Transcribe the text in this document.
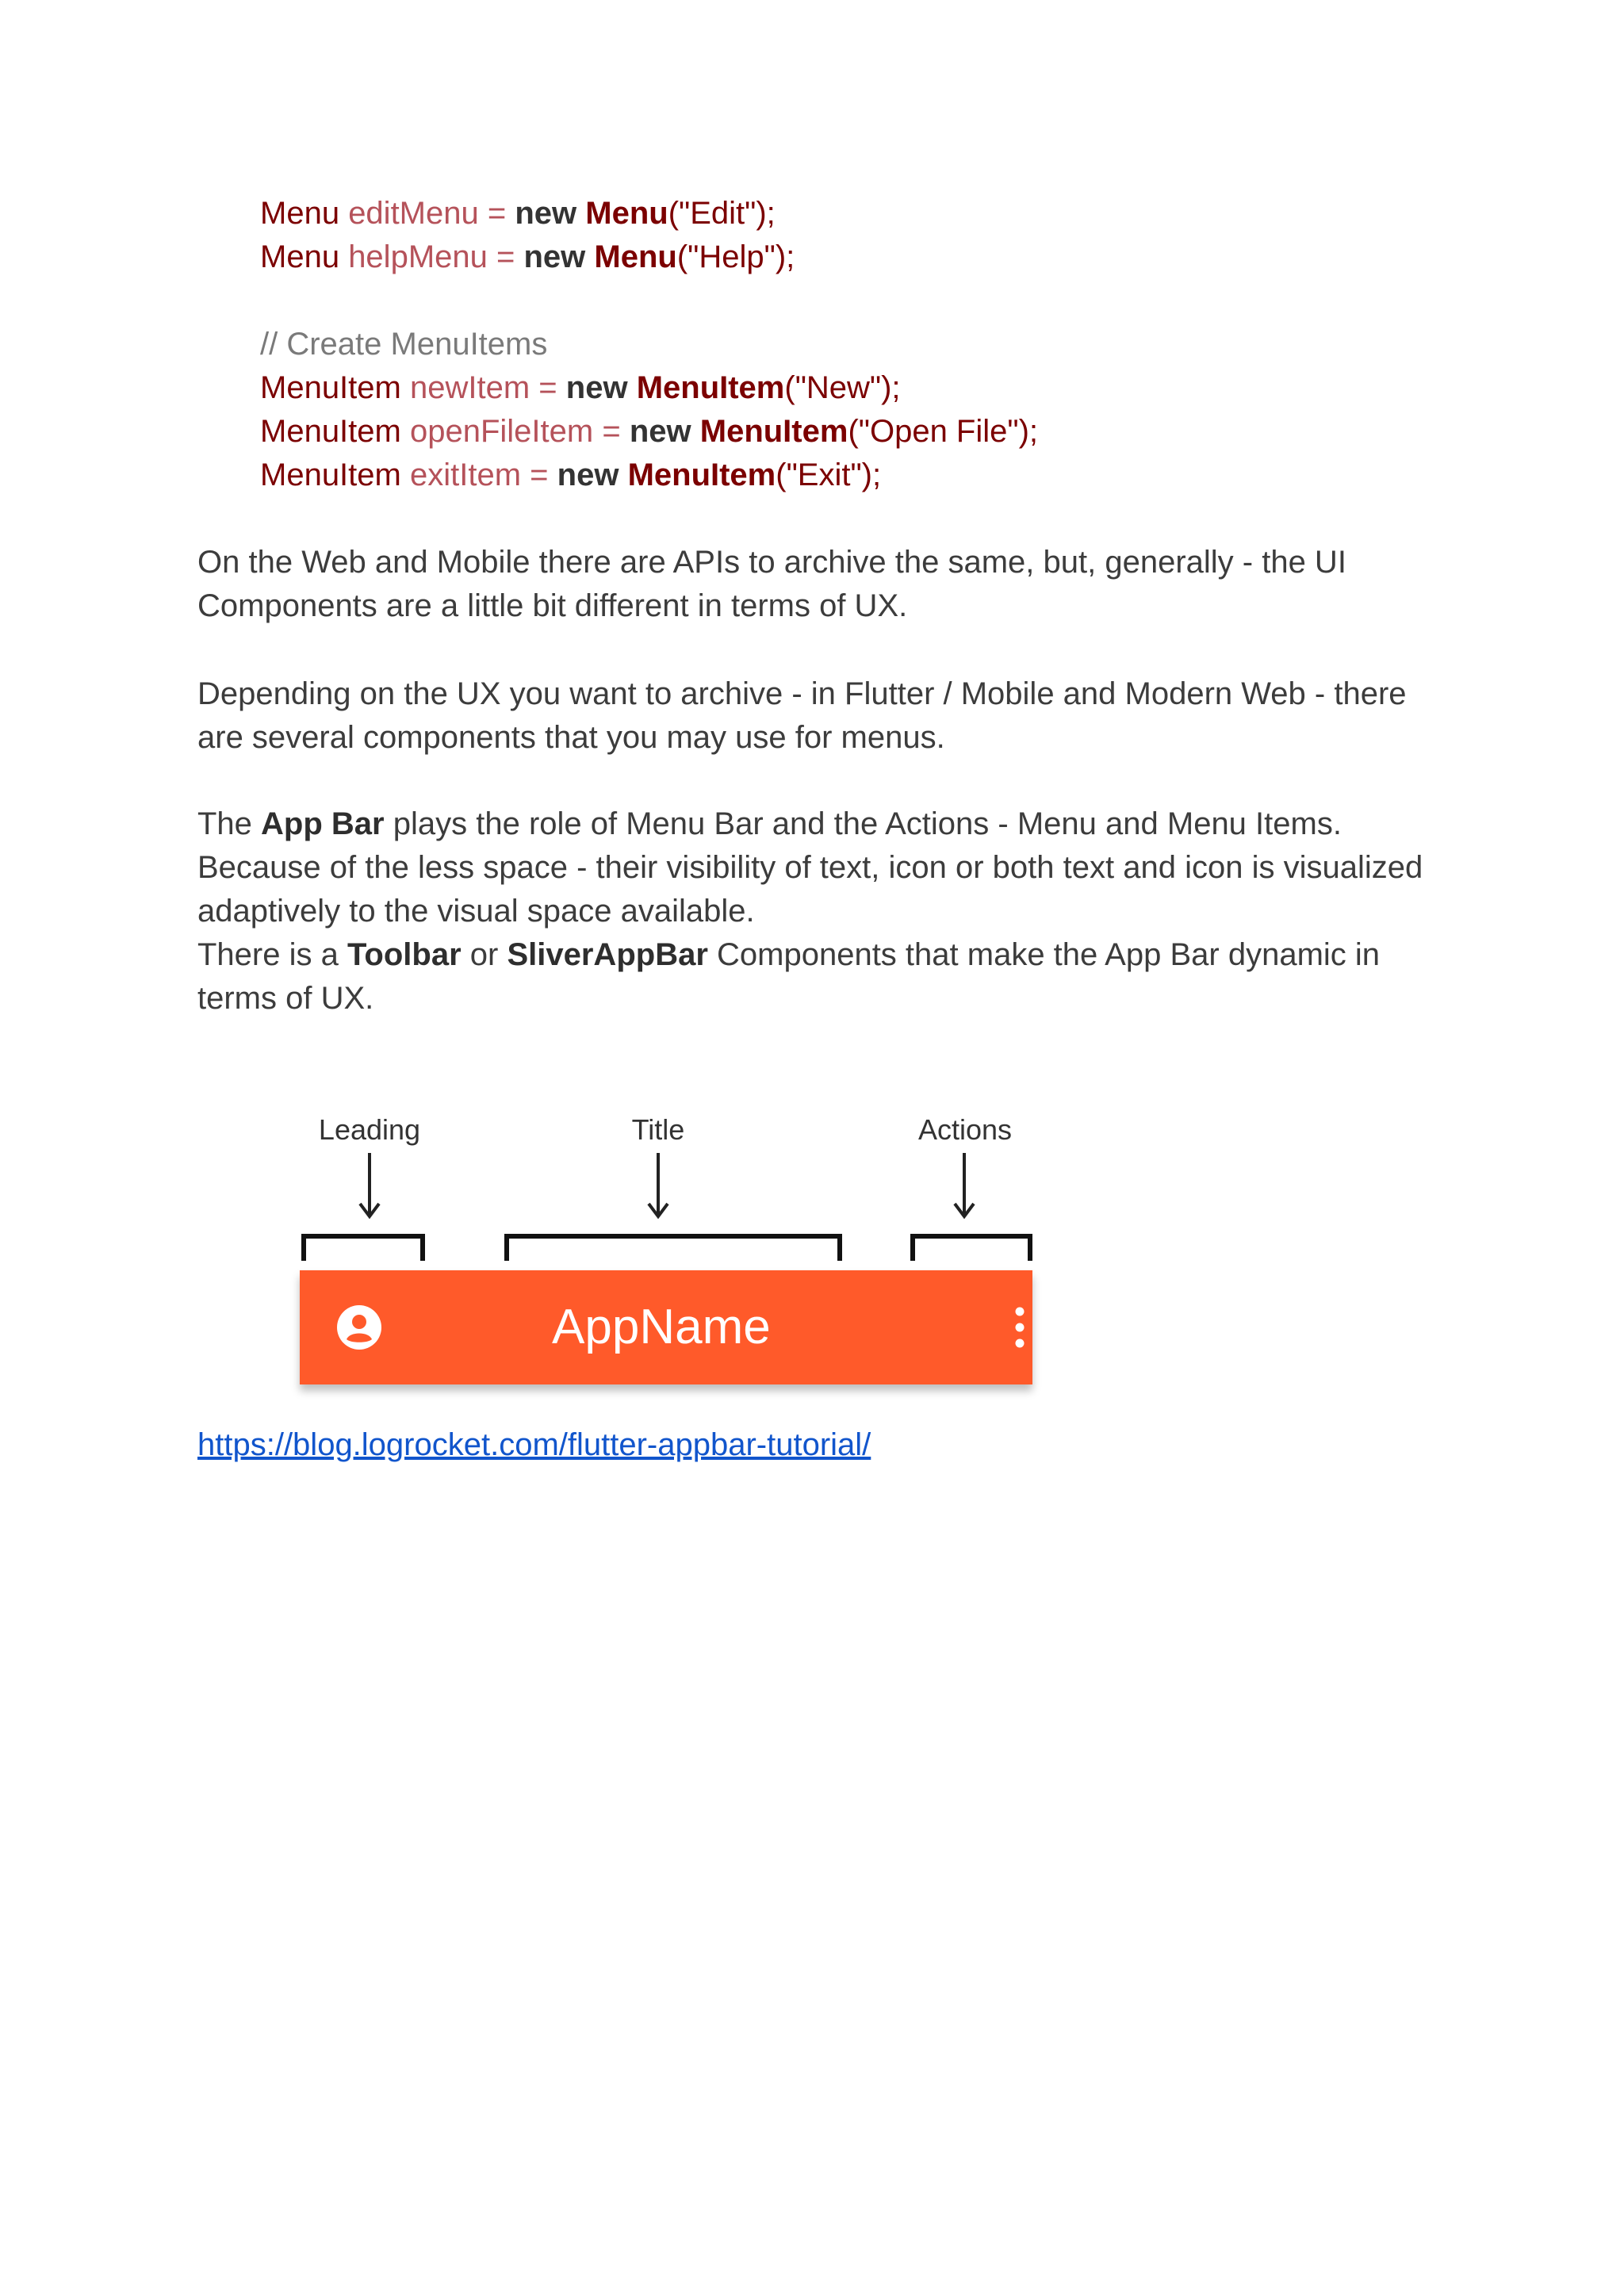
Menu editMenu = new Menu("Edit");
Menu helpMenu = new Menu("Help");
// Create MenuItems
MenuItem newItem = new MenuItem("New");
MenuItem openFileItem = new MenuItem("Open File");
MenuItem exitItem = new MenuItem("Exit");

On the Web and Mobile there are APIs to archive the same, but, generally - the UI Components are a little bit different in terms of UX.

Depending on the UX you want to archive - in Flutter / Mobile and Modern Web - there are several components that you may use for menus.

The App Bar plays the role of Menu Bar and the Actions - Menu and Menu Items.

Because of the less space - their visibility of text, icon or both text and icon is visualized adaptively to the visual space available.

There is a Toolbar or SliverAppBar Components that make the App Bar dynamic in terms of UX.

Leading	Title	Actions
AppName
https://blog.logrocket.com/flutter-appbar-tutorial/
